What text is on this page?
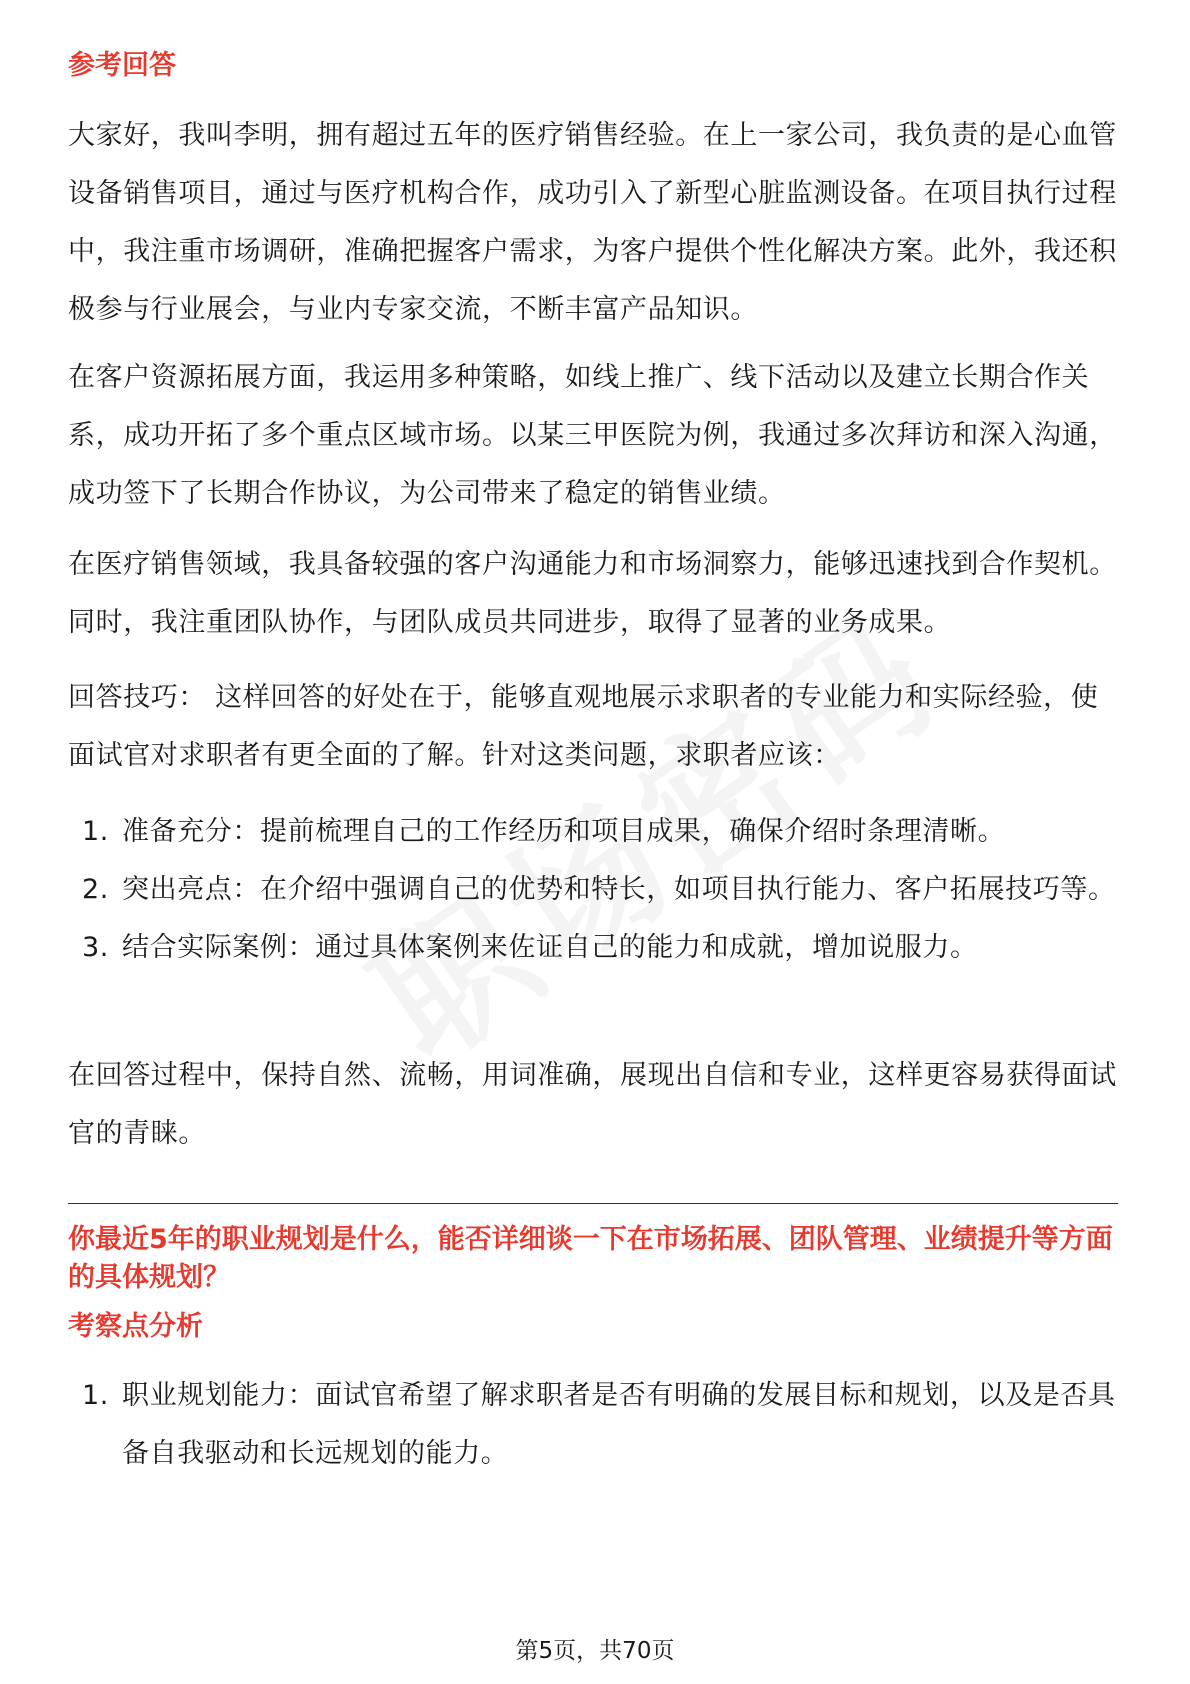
参考回答

大家好，我叫李明，拥有超过五年的医疗销售经验。在上一家公司，我负责的是心血管设备销售项目，通过与医疗机构合作，成功引入了新型心脏监测设备。在项目执行过程中，我注重市场调研，准确把握客户需求，为客户提供个性化解决方案。此外，我还积极参与行业展会，与业内专家交流，不断丰富产品知识。

在客户资源拓展方面，我运用多种策略，如线上推广、线下活动以及建立长期合作关系，成功开拓了多个重点区域市场。以某三甲医院为例，我通过多次拜访和深入沟通，成功签下了长期合作协议，为公司带来了稳定的销售业绩。

在医疗销售领域，我具备较强的客户沟通能力和市场洞察力，能够迅速找到合作契机。同时，我注重团队协作，与团队成员共同进步，取得了显著的业务成果。

回答技巧： 这样回答的好处在于，能够直观地展示求职者的专业能力和实际经验，使面试官对求职者有更全面的了解。针对这类问题，求职者应该：

1. 准备充分：提前梳理自己的工作经历和项目成果，确保介绍时条理清晰。
2. 突出亮点：在介绍中强调自己的优势和特长，如项目执行能力、客户拓展技巧等。
3. 结合实际案例：通过具体案例来佐证自己的能力和成就，增加说服力。

在回答过程中，保持自然、流畅，用词准确，展现出自信和专业，这样更容易获得面试官的青睐。

你最近5年的职业规划是什么，能否详细谈一下在市场拓展、团队管理、业绩提升等方面的具体规划？

考察点分析
1. 职业规划能力：面试官希望了解求职者是否有明确的发展目标和规划，以及是否具备自我驱动和长远规划的能力。
第5页，共70页
